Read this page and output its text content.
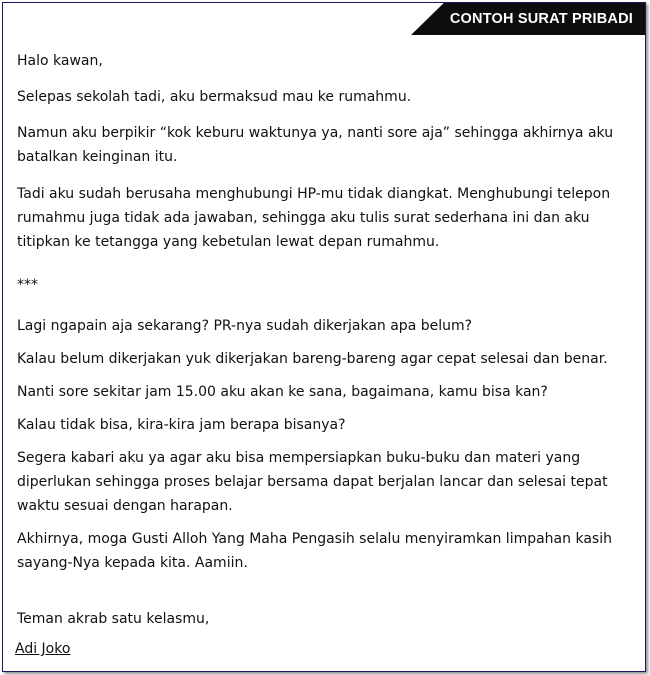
CONTOH SURAT PRIBADI

Halo kawan,

Selepas sekolah tadi, aku bermaksud mau ke rumahmu.

Namun aku berpikir “kok keburu waktunya ya, nanti sore aja” sehingga akhirnya aku batalkan keinginan itu.

Tadi aku sudah berusaha menghubungi HP-mu tidak diangkat. Menghubungi telepon rumahmu juga tidak ada jawaban, sehingga aku tulis surat sederhana ini dan aku titipkan ke tetangga yang kebetulan lewat depan rumahmu.

***

Lagi ngapain aja sekarang? PR-nya sudah dikerjakan apa belum?

Kalau belum dikerjakan yuk dikerjakan bareng-bareng agar cepat selesai dan benar.

Nanti sore sekitar jam 15.00 aku akan ke sana, bagaimana, kamu bisa kan?

Kalau tidak bisa, kira-kira jam berapa bisanya?

Segera kabari aku ya agar aku bisa mempersiapkan buku-buku dan materi yang diperlukan sehingga proses belajar bersama dapat berjalan lancar dan selesai tepat waktu sesuai dengan harapan.

Akhirnya, moga Gusti Alloh Yang Maha Pengasih selalu menyiramkan limpahan kasih sayang-Nya kepada kita. Aamiin.

Teman akrab satu kelasmu,

Adi Joko
